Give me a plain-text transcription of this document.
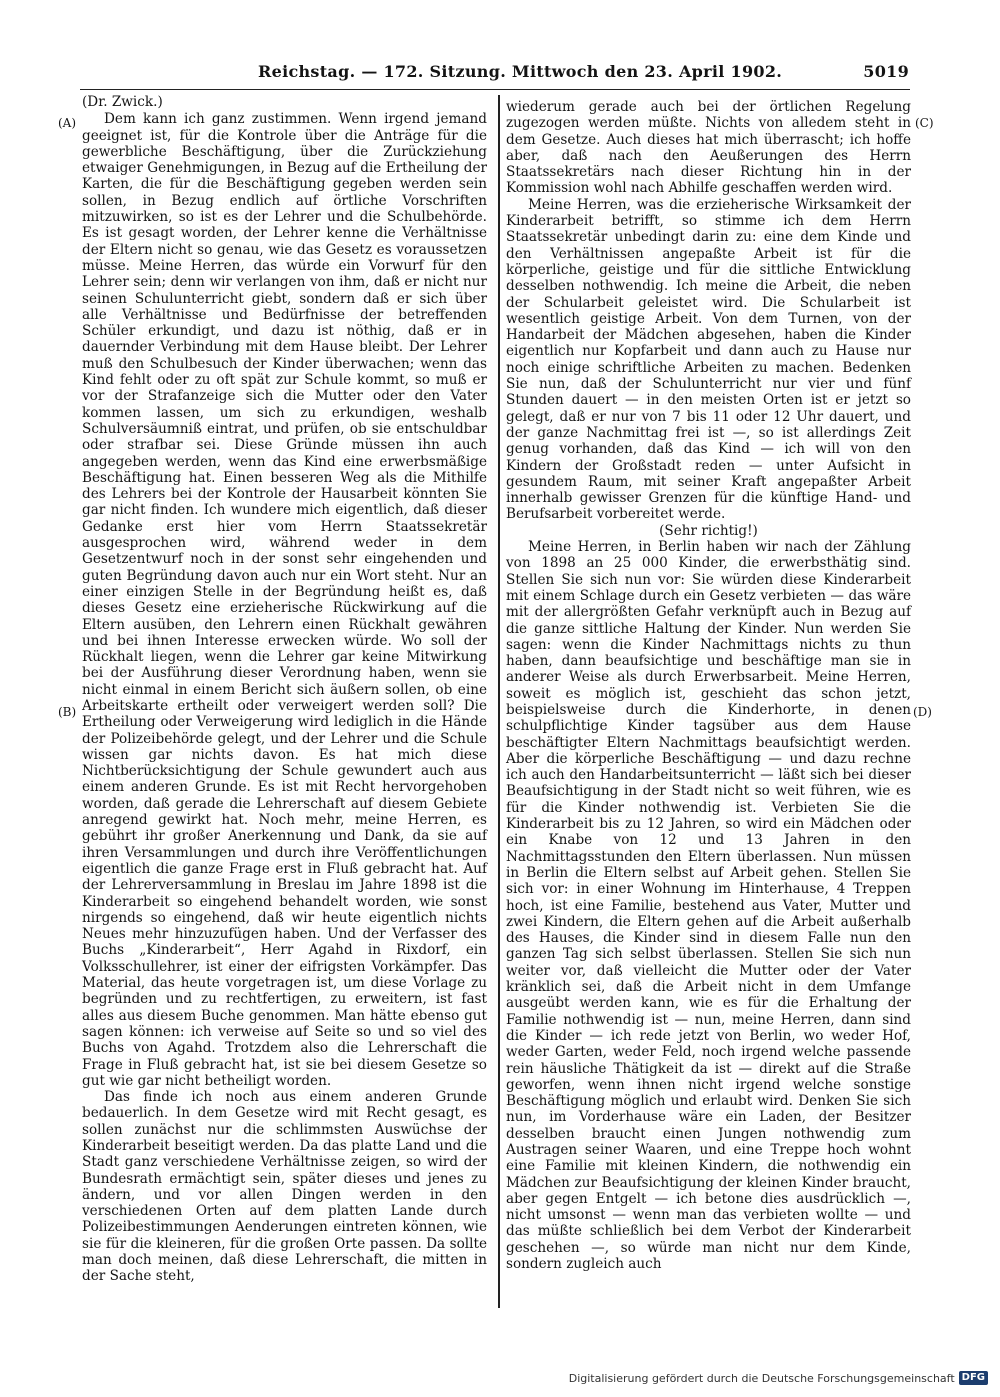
Reichstag. — 172. Sitzung. Mittwoch den 23. April 1902.	5019
(Dr. Zwick.)

Dem kann ich ganz zustimmen. Wenn irgend jemand geeignet ist, für die Kontrole über die Anträge für die gewerbliche Beschäftigung, über die Zurückziehung etwaiger Genehmigungen, in Bezug auf die Ertheilung der Karten, die für die Beschäftigung gegeben werden sein sollen, in Bezug endlich auf örtliche Vorschriften mitzuwirken, so ist es der Lehrer und die Schulbehörde. Es ist gesagt worden, der Lehrer kenne die Verhältnisse der Eltern nicht so genau, wie das Gesetz es voraussetzen müsse. Meine Herren, das würde ein Vorwurf für den Lehrer sein; denn wir verlangen von ihm, daß er nicht nur seinen Schulunterricht giebt, sondern daß er sich über alle Verhältnisse und Bedürfnisse der betreffenden Schüler erkundigt, und dazu ist nöthig, daß er in dauernder Verbindung mit dem Hause bleibt. Der Lehrer muß den Schulbesuch der Kinder überwachen; wenn das Kind fehlt oder zu oft spät zur Schule kommt, so muß er vor der Strafanzeige sich die Mutter oder den Vater kommen lassen, um sich zu erkundigen, weshalb Schulversäumniß eintrat, und prüfen, ob sie entschuldbar oder strafbar sei. Diese Gründe müssen ihn auch angegeben werden, wenn das Kind eine erwerbsmäßige Beschäftigung hat. Einen besseren Weg als die Mithilfe des Lehrers bei der Kontrole der Hausarbeit könnten Sie gar nicht finden. Ich wundere mich eigentlich, daß dieser Gedanke erst hier vom Herrn Staatssekretär ausgesprochen wird, während weder in dem Gesetzentwurf noch in der sonst sehr eingehenden und guten Begründung davon auch nur ein Wort steht. Nur an einer einzigen Stelle in der Begründung heißt es, daß dieses Gesetz eine erzieherische Rückwirkung auf die Eltern ausüben, den Lehrern einen Rückhalt gewähren und bei ihnen Interesse erwecken würde. Wo soll der Rückhalt liegen, wenn die Lehrer gar keine Mitwirkung bei der Ausführung dieser Verordnung haben, wenn sie nicht einmal in einem Bericht sich äußern sollen, ob eine Arbeitskarte ertheilt oder verweigert werden soll? Die Ertheilung oder Verweigerung wird lediglich in die Hände der Polizeibehörde gelegt, und der Lehrer und die Schule wissen gar nichts davon. Es hat mich diese Nichtberücksichtigung der Schule gewundert auch aus einem anderen Grunde. Es ist mit Recht hervorgehoben worden, daß gerade die Lehrerschaft auf diesem Gebiete anregend gewirkt hat. Noch mehr, meine Herren, es gebührt ihr großer Anerkennung und Dank, da sie auf ihren Versammlungen und durch ihre Veröffentlichungen eigentlich die ganze Frage erst in Fluß gebracht hat. Auf der Lehrerversammlung in Breslau im Jahre 1898 ist die Kinderarbeit so eingehend behandelt worden, wie sonst nirgends so eingehend, daß wir heute eigentlich nichts Neues mehr hinzuzufügen haben. Und der Verfasser des Buchs „Kinderarbeit“, Herr Agahd in Rixdorf, ein Volksschullehrer, ist einer der eifrigsten Vorkämpfer. Das Material, das heute vorgetragen ist, um diese Vorlage zu begründen und zu rechtfertigen, zu erweitern, ist fast alles aus diesem Buche genommen. Man hätte ebenso gut sagen können: ich verweise auf Seite so und so viel des Buchs von Agahd. Trotzdem also die Lehrerschaft die Frage in Fluß gebracht hat, ist sie bei diesem Gesetze so gut wie gar nicht betheiligt worden.

Das finde ich noch aus einem anderen Grunde bedauerlich. In dem Gesetze wird mit Recht gesagt, es sollen zunächst nur die schlimmsten Auswüchse der Kinderarbeit beseitigt werden. Da das platte Land und die Stadt ganz verschiedene Verhältnisse zeigen, so wird der Bundesrath ermächtigt sein, später dieses und jenes zu ändern, und vor allen Dingen werden in den verschiedenen Orten auf dem platten Lande durch Polizeibestimmungen Aenderungen eintreten können, wie sie für die kleineren, für die großen Orte passen. Da sollte man doch meinen, daß diese Lehrerschaft, die mitten in der Sache steht,

wiederum gerade auch bei der örtlichen Regelung zugezogen werden müßte. Nichts von alledem steht in dem Gesetze. Auch dieses hat mich überrascht; ich hoffe aber, daß nach den Aeußerungen des Herrn Staatssekretärs nach dieser Richtung hin in der Kommission wohl nach Abhilfe geschaffen werden wird.

Meine Herren, was die erzieherische Wirksamkeit der Kinderarbeit betrifft, so stimme ich dem Herrn Staatssekretär unbedingt darin zu: eine dem Kinde und den Verhältnissen angepaßte Arbeit ist für die körperliche, geistige und für die sittliche Entwicklung desselben nothwendig. Ich meine die Arbeit, die neben der Schularbeit geleistet wird. Die Schularbeit ist wesentlich geistige Arbeit. Von dem Turnen, von der Handarbeit der Mädchen abgesehen, haben die Kinder eigentlich nur Kopfarbeit und dann auch zu Hause nur noch einige schriftliche Arbeiten zu machen. Bedenken Sie nun, daß der Schulunterricht nur vier und fünf Stunden dauert — in den meisten Orten ist er jetzt so gelegt, daß er nur von 7 bis 11 oder 12 Uhr dauert, und der ganze Nachmittag frei ist —, so ist allerdings Zeit genug vorhanden, daß das Kind — ich will von den Kindern der Großstadt reden — unter Aufsicht in gesundem Raum, mit seiner Kraft angepaßter Arbeit innerhalb gewisser Grenzen für die künftige Hand- und Berufsarbeit vorbereitet werde.

(Sehr richtig!)

Meine Herren, in Berlin haben wir nach der Zählung von 1898 an 25 000 Kinder, die erwerbsthätig sind. Stellen Sie sich nun vor: Sie würden diese Kinderarbeit mit einem Schlage durch ein Gesetz verbieten — das wäre mit der allergrößten Gefahr verknüpft auch in Bezug auf die ganze sittliche Haltung der Kinder. Nun werden Sie sagen: wenn die Kinder Nachmittags nichts zu thun haben, dann beaufsichtige und beschäftige man sie in anderer Weise als durch Erwerbsarbeit. Meine Herren, soweit es möglich ist, geschieht das schon jetzt, beispielsweise durch die Kinderhorte, in denen schulpflichtige Kinder tagsüber aus dem Hause beschäftigter Eltern Nachmittags beaufsichtigt werden. Aber die körperliche Beschäftigung — und dazu rechne ich auch den Handarbeitsunterricht — läßt sich bei dieser Beaufsichtigung in der Stadt nicht so weit führen, wie es für die Kinder nothwendig ist. Verbieten Sie die Kinderarbeit bis zu 12 Jahren, so wird ein Mädchen oder ein Knabe von 12 und 13 Jahren in den Nachmittagsstunden den Eltern überlassen. Nun müssen in Berlin die Eltern selbst auf Arbeit gehen. Stellen Sie sich vor: in einer Wohnung im Hinterhause, 4 Treppen hoch, ist eine Familie, bestehend aus Vater, Mutter und zwei Kindern, die Eltern gehen auf die Arbeit außerhalb des Hauses, die Kinder sind in diesem Falle nun den ganzen Tag sich selbst überlassen. Stellen Sie sich nun weiter vor, daß vielleicht die Mutter oder der Vater kränklich sei, daß die Arbeit nicht in dem Umfange ausgeübt werden kann, wie es für die Erhaltung der Familie nothwendig ist — nun, meine Herren, dann sind die Kinder — ich rede jetzt von Berlin, wo weder Hof, weder Garten, weder Feld, noch irgend welche passende rein häusliche Thätigkeit da ist — direkt auf die Straße geworfen, wenn ihnen nicht irgend welche sonstige Beschäftigung möglich und erlaubt wird. Denken Sie sich nun, im Vorderhause wäre ein Laden, der Besitzer desselben braucht einen Jungen nothwendig zum Austragen seiner Waaren, und eine Treppe hoch wohnt eine Familie mit kleinen Kindern, die nothwendig ein Mädchen zur Beaufsichtigung der kleinen Kinder braucht, aber gegen Entgelt — ich betone dies ausdrücklich —, nicht umsonst — wenn man das verbieten wollte — und das müßte schließlich bei dem Verbot der Kinderarbeit geschehen —, so würde man nicht nur dem Kinde, sondern zugleich auch

(A)
(B)
(C)
(D)
Digitalisierung gefördert durch die Deutsche Forschungsgemeinschaft DFG
